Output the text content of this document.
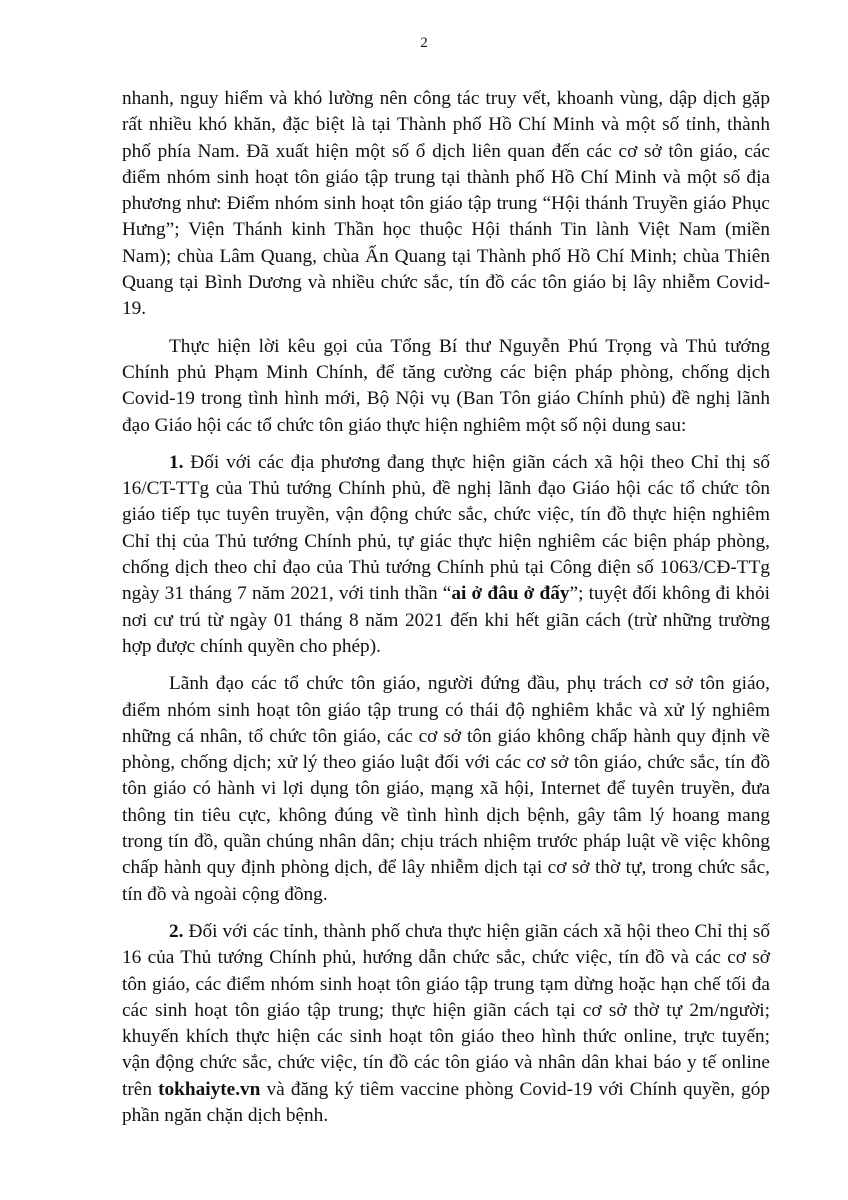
2

nhanh, nguy hiểm và khó lường nên công tác truy vết, khoanh vùng, dập dịch gặp rất nhiều khó khăn, đặc biệt là tại Thành phố Hồ Chí Minh và một số tỉnh, thành phố phía Nam. Đã xuất hiện một số ổ dịch liên quan đến các cơ sở tôn giáo, các điểm nhóm sinh hoạt tôn giáo tập trung tại thành phố Hồ Chí Minh và một số địa phương như: Điểm nhóm sinh hoạt tôn giáo tập trung “Hội thánh Truyền giáo Phục Hưng”; Viện Thánh kinh Thần học thuộc Hội thánh Tin lành Việt Nam (miền Nam); chùa Lâm Quang, chùa Ấn Quang tại Thành phố Hồ Chí Minh; chùa Thiên Quang tại Bình Dương và nhiều chức sắc, tín đồ các tôn giáo bị lây nhiễm Covid-19.

Thực hiện lời kêu gọi của Tổng Bí thư Nguyễn Phú Trọng và Thủ tướng Chính phủ Phạm Minh Chính, để tăng cường các biện pháp phòng, chống dịch Covid-19 trong tình hình mới, Bộ Nội vụ (Ban Tôn giáo Chính phủ) đề nghị lãnh đạo Giáo hội các tổ chức tôn giáo thực hiện nghiêm một số nội dung sau:

1. Đối với các địa phương đang thực hiện giãn cách xã hội theo Chỉ thị số 16/CT-TTg của Thủ tướng Chính phủ, đề nghị lãnh đạo Giáo hội các tổ chức tôn giáo tiếp tục tuyên truyền, vận động chức sắc, chức việc, tín đồ thực hiện nghiêm Chỉ thị của Thủ tướng Chính phủ, tự giác thực hiện nghiêm các biện pháp phòng, chống dịch theo chỉ đạo của Thủ tướng Chính phủ tại Công điện số 1063/CĐ-TTg ngày 31 tháng 7 năm 2021, với tinh thần “ai ở đâu ở đấy”; tuyệt đối không đi khỏi nơi cư trú từ ngày 01 tháng 8 năm 2021 đến khi hết giãn cách (trừ những trường hợp được chính quyền cho phép).

Lãnh đạo các tổ chức tôn giáo, người đứng đầu, phụ trách cơ sở tôn giáo, điểm nhóm sinh hoạt tôn giáo tập trung có thái độ nghiêm khắc và xử lý nghiêm những cá nhân, tổ chức tôn giáo, các cơ sở tôn giáo không chấp hành quy định về phòng, chống dịch; xử lý theo giáo luật đối với các cơ sở tôn giáo, chức sắc, tín đồ tôn giáo có hành vi lợi dụng tôn giáo, mạng xã hội, Internet để tuyên truyền, đưa thông tin tiêu cực, không đúng về tình hình dịch bệnh, gây tâm lý hoang mang trong tín đồ, quần chúng nhân dân; chịu trách nhiệm trước pháp luật về việc không chấp hành quy định phòng dịch, để lây nhiễm dịch tại cơ sở thờ tự, trong chức sắc, tín đồ và ngoài cộng đồng.

2. Đối với các tỉnh, thành phố chưa thực hiện giãn cách xã hội theo Chỉ thị số 16 của Thủ tướng Chính phủ, hướng dẫn chức sắc, chức việc, tín đồ và các cơ sở tôn giáo, các điểm nhóm sinh hoạt tôn giáo tập trung tạm dừng hoặc hạn chế tối đa các sinh hoạt tôn giáo tập trung; thực hiện giãn cách tại cơ sở thờ tự 2m/người; khuyến khích thực hiện các sinh hoạt tôn giáo theo hình thức online, trực tuyến; vận động chức sắc, chức việc, tín đồ các tôn giáo và nhân dân khai báo y tế online trên tokhaiyte.vn và đăng ký tiêm vaccine phòng Covid-19 với Chính quyền, góp phần ngăn chặn dịch bệnh.
